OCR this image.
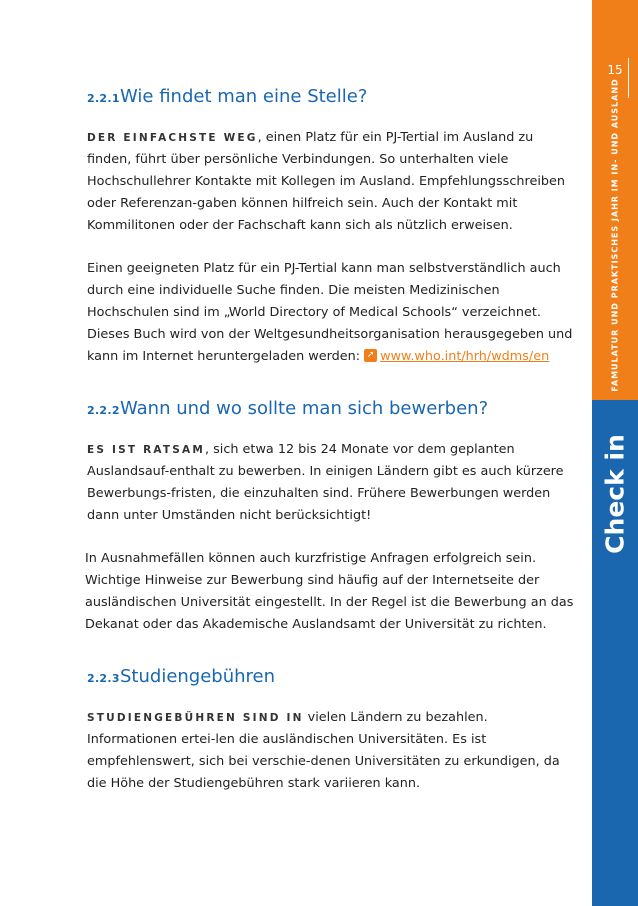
15
FAMULATUR UND PRAKTISCHES JAHR IM IN- UND AUSLAND
Check in
2.2.1 Wie findet man eine Stelle?

DER EINFACHSTE WEG, einen Platz für ein PJ-Tertial im Ausland zu finden, führt über persönliche Verbindungen. So unterhalten viele Hochschullehrer Kontakte mit Kollegen im Ausland. Empfehlungsschreiben oder Referenzan-gaben können hilfreich sein. Auch der Kontakt mit Kommilitonen oder der Fachschaft kann sich als nützlich erweisen.

Einen geeigneten Platz für ein PJ-Tertial kann man selbstverständlich auch durch eine individuelle Suche finden. Die meisten Medizinischen Hochschulen sind im „World Directory of Medical Schools“ verzeichnet. Dieses Buch wird von der Weltgesundheitsorganisation herausgegeben und kann im Internet heruntergeladen werden: ➚ www.who.int/hrh/wdms/en

2.2.2 Wann und wo sollte man sich bewerben?

ES IST RATSAM, sich etwa 12 bis 24 Monate vor dem geplanten Auslandsauf-enthalt zu bewerben. In einigen Ländern gibt es auch kürzere Bewerbungs-fristen, die einzuhalten sind. Frühere Bewerbungen werden dann unter Umständen nicht berücksichtigt!

In Ausnahmefällen können auch kurzfristige Anfragen erfolgreich sein. Wichtige Hinweise zur Bewerbung sind häufig auf der Internetseite der ausländischen Universität eingestellt. In der Regel ist die Bewerbung an das Dekanat oder das Akademische Auslandsamt der Universität zu richten.

2.2.3 Studiengebühren

STUDIENGEBÜHREN SIND IN vielen Ländern zu bezahlen. Informationen ertei-len die ausländischen Universitäten. Es ist empfehlenswert, sich bei verschie-denen Universitäten zu erkundigen, da die Höhe der Studiengebühren stark variieren kann.
